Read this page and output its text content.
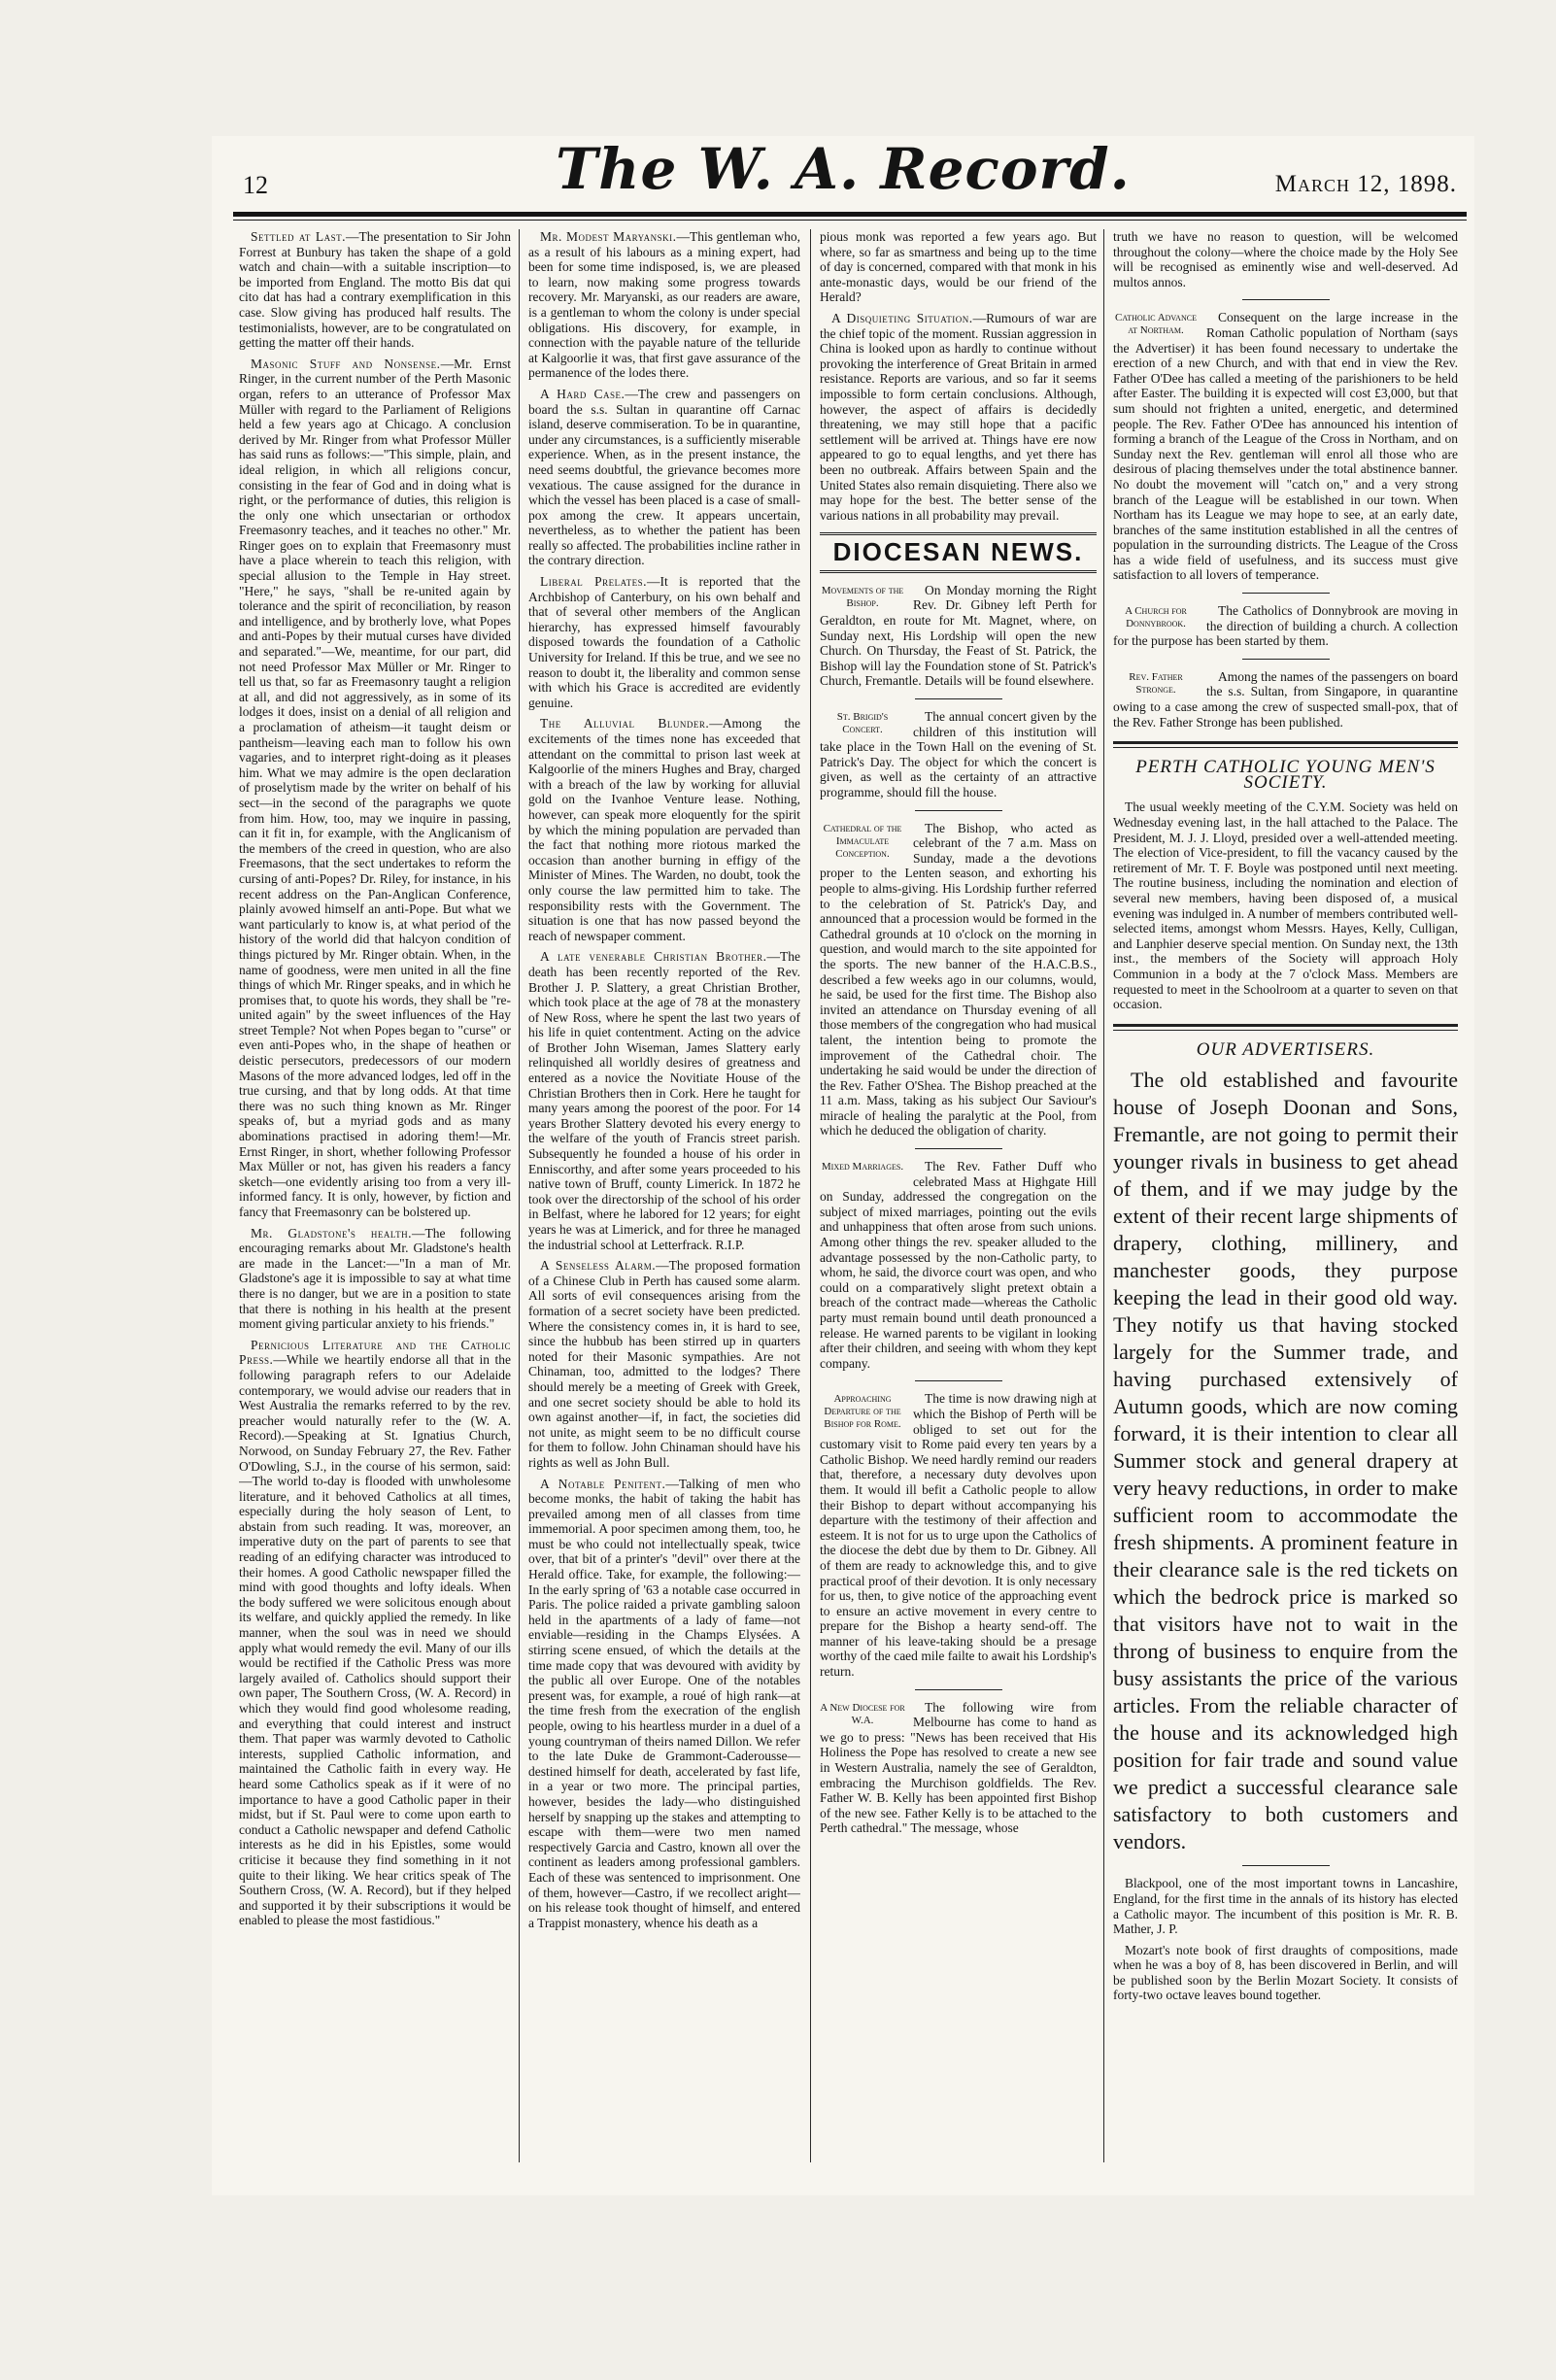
12	The W. A. Record.	March 12, 1898.

Settled at Last.—The presentation to Sir John Forrest at Bunbury has taken the shape of a gold watch and chain—with a suitable inscription—to be imported from England. The motto Bis dat qui cito dat has had a contrary exemplification in this case. Slow giving has produced half results. The testimonialists, however, are to be congratulated on getting the matter off their hands.

Masonic Stuff and Nonsense.—Mr. Ernst Ringer, in the current number of the Perth Masonic organ, refers to an utterance of Professor Max Müller with regard to the Parliament of Religions held a few years ago at Chicago. A conclusion derived by Mr. Ringer from what Professor Müller has said runs as follows:—"This simple, plain, and ideal religion, in which all religions concur, consisting in the fear of God and in doing what is right, or the performance of duties, this religion is the only one which unsectarian or orthodox Freemasonry teaches, and it teaches no other." Mr. Ringer goes on to explain that Freemasonry must have a place wherein to teach this religion, with special allusion to the Temple in Hay street. "Here," he says, "shall be re-united again by tolerance and the spirit of reconciliation, by reason and intelligence, and by brotherly love, what Popes and anti-Popes by their mutual curses have divided and separated."—We, meantime, for our part, did not need Professor Max Müller or Mr. Ringer to tell us that, so far as Freemasonry taught a religion at all, and did not aggressively, as in some of its lodges it does, insist on a denial of all religion and a proclamation of atheism—it taught deism or pantheism—leaving each man to follow his own vagaries, and to interpret right-doing as it pleases him. What we may admire is the open declaration of proselytism made by the writer on behalf of his sect—in the second of the paragraphs we quote from him. How, too, may we inquire in passing, can it fit in, for example, with the Anglicanism of the members of the creed in question, who are also Freemasons, that the sect undertakes to reform the cursing of anti-Popes? Dr. Riley, for instance, in his recent address on the Pan-Anglican Conference, plainly avowed himself an anti-Pope. But what we want particularly to know is, at what period of the history of the world did that halcyon condition of things pictured by Mr. Ringer obtain. When, in the name of goodness, were men united in all the fine things of which Mr. Ringer speaks, and in which he promises that, to quote his words, they shall be "re-united again" by the sweet influences of the Hay street Temple? Not when Popes began to "curse" or even anti-Popes who, in the shape of heathen or deistic persecutors, predecessors of our modern Masons of the more advanced lodges, led off in the true cursing, and that by long odds. At that time there was no such thing known as Mr. Ringer speaks of, but a myriad gods and as many abominations practised in adoring them!—Mr. Ernst Ringer, in short, whether following Professor Max Müller or not, has given his readers a fancy sketch—one evidently arising too from a very ill-informed fancy. It is only, however, by fiction and fancy that Freemasonry can be bolstered up.

Mr. Gladstone's health.—The following encouraging remarks about Mr. Gladstone's health are made in the Lancet:—"In a man of Mr. Gladstone's age it is impossible to say at what time there is no danger, but we are in a position to state that there is nothing in his health at the present moment giving particular anxiety to his friends."

Pernicious Literature and the Catholic Press.—While we heartily endorse all that in the following paragraph refers to our Adelaide contemporary, we would advise our readers that in West Australia the remarks referred to by the rev. preacher would naturally refer to the (W. A. Record).—Speaking at St. Ignatius Church, Norwood, on Sunday February 27, the Rev. Father O'Dowling, S.J., in the course of his sermon, said:—The world to-day is flooded with unwholesome literature, and it behoved Catholics at all times, especially during the holy season of Lent, to abstain from such reading. It was, moreover, an imperative duty on the part of parents to see that reading of an edifying character was introduced to their homes. A good Catholic newspaper filled the mind with good thoughts and lofty ideals. When the body suffered we were solicitous enough about its welfare, and quickly applied the remedy. In like manner, when the soul was in need we should apply what would remedy the evil. Many of our ills would be rectified if the Catholic Press was more largely availed of. Catholics should support their own paper, The Southern Cross, (W. A. Record) in which they would find good wholesome reading, and everything that could interest and instruct them. That paper was warmly devoted to Catholic interests, supplied Catholic information, and maintained the Catholic faith in every way. He heard some Catholics speak as if it were of no importance to have a good Catholic paper in their midst, but if St. Paul were to come upon earth to conduct a Catholic newspaper and defend Catholic interests as he did in his Epistles, some would criticise it because they find something in it not quite to their liking. We hear critics speak of The Southern Cross, (W. A. Record), but if they helped and supported it by their subscriptions it would be enabled to please the most fastidious."

Mr. Modest Maryanski.—This gentleman who, as a result of his labours as a mining expert, had been for some time indisposed, is, we are pleased to learn, now making some progress towards recovery. Mr. Maryanski, as our readers are aware, is a gentleman to whom the colony is under special obligations. His discovery, for example, in connection with the payable nature of the telluride at Kalgoorlie it was, that first gave assurance of the permanence of the lodes there.

A Hard Case.—The crew and passengers on board the s.s. Sultan in quarantine off Carnac island, deserve commiseration. To be in quarantine, under any circumstances, is a sufficiently miserable experience. When, as in the present instance, the need seems doubtful, the grievance becomes more vexatious. The cause assigned for the durance in which the vessel has been placed is a case of small-pox among the crew. It appears uncertain, nevertheless, as to whether the patient has been really so affected. The probabilities incline rather in the contrary direction.

Liberal Prelates.—It is reported that the Archbishop of Canterbury, on his own behalf and that of several other members of the Anglican hierarchy, has expressed himself favourably disposed towards the foundation of a Catholic University for Ireland. If this be true, and we see no reason to doubt it, the liberality and common sense with which his Grace is accredited are evidently genuine.

The Alluvial Blunder.—Among the excitements of the times none has exceeded that attendant on the committal to prison last week at Kalgoorlie of the miners Hughes and Bray, charged with a breach of the law by working for alluvial gold on the Ivanhoe Venture lease. Nothing, however, can speak more eloquently for the spirit by which the mining population are pervaded than the fact that nothing more riotous marked the occasion than another burning in effigy of the Minister of Mines. The Warden, no doubt, took the only course the law permitted him to take. The responsibility rests with the Government. The situation is one that has now passed beyond the reach of newspaper comment.

A late venerable Christian Brother.—The death has been recently reported of the Rev. Brother J. P. Slattery, a great Christian Brother, which took place at the age of 78 at the monastery of New Ross, where he spent the last two years of his life in quiet contentment. Acting on the advice of Brother John Wiseman, James Slattery early relinquished all worldly desires of greatness and entered as a novice the Novitiate House of the Christian Brothers then in Cork. Here he taught for many years among the poorest of the poor. For 14 years Brother Slattery devoted his every energy to the welfare of the youth of Francis street parish. Subsequently he founded a house of his order in Enniscorthy, and after some years proceeded to his native town of Bruff, county Limerick. In 1872 he took over the directorship of the school of his order in Belfast, where he labored for 12 years; for eight years he was at Limerick, and for three he managed the industrial school at Letterfrack. R.I.P.

A Senseless Alarm.—The proposed formation of a Chinese Club in Perth has caused some alarm. All sorts of evil consequences arising from the formation of a secret society have been predicted. Where the consistency comes in, it is hard to see, since the hubbub has been stirred up in quarters noted for their Masonic sympathies. Are not Chinaman, too, admitted to the lodges? There should merely be a meeting of Greek with Greek, and one secret society should be able to hold its own against another—if, in fact, the societies did not unite, as might seem to be no difficult course for them to follow. John Chinaman should have his rights as well as John Bull.

A Notable Penitent.—Talking of men who become monks, the habit of taking the habit has prevailed among men of all classes from time immemorial. A poor specimen among them, too, he must be who could not intellectually speak, twice over, that bit of a printer's "devil" over there at the Herald office. Take, for example, the following:—In the early spring of '63 a notable case occurred in Paris. The police raided a private gambling saloon held in the apartments of a lady of fame—not enviable—residing in the Champs Elysées. A stirring scene ensued, of which the details at the time made copy that was devoured with avidity by the public all over Europe. One of the notables present was, for example, a roué of high rank—at the time fresh from the execration of the english people, owing to his heartless murder in a duel of a young countryman of theirs named Dillon. We refer to the late Duke de Grammont-Caderousse—destined himself for death, accelerated by fast life, in a year or two more. The principal parties, however, besides the lady—who distinguished herself by snapping up the stakes and attempting to escape with them—were two men named respectively Garcia and Castro, known all over the continent as leaders among professional gamblers. Each of these was sentenced to imprisonment. One of them, however—Castro, if we recollect aright—on his release took thought of himself, and entered a Trappist monastery, whence his death as a

pious monk was reported a few years ago. But where, so far as smartness and being up to the time of day is concerned, compared with that monk in his ante-monastic days, would be our friend of the Herald?

A Disquieting Situation.—Rumours of war are the chief topic of the moment. Russian aggression in China is looked upon as hardly to continue without provoking the interference of Great Britain in armed resistance. Reports are various, and so far it seems impossible to form certain conclusions. Although, however, the aspect of affairs is decidedly threatening, we may still hope that a pacific settlement will be arrived at. Things have ere now appeared to go to equal lengths, and yet there has been no outbreak. Affairs between Spain and the United States also remain disquieting. There also we may hope for the best. The better sense of the various nations in all probability may prevail.

DIOCESAN NEWS.

Movements of the Bishop.
On Monday morning the Right Rev. Dr. Gibney left Perth for Geraldton, en route for Mt. Magnet, where, on Sunday next, His Lordship will open the new Church. On Thursday, the Feast of St. Patrick, the Bishop will lay the Foundation stone of St. Patrick's Church, Fremantle. Details will be found elsewhere.

St. Brigid's Concert.
The annual concert given by the children of this institution will take place in the Town Hall on the evening of St. Patrick's Day. The object for which the concert is given, as well as the certainty of an attractive programme, should fill the house.

Cathedral of the Immaculate Conception.
The Bishop, who acted as celebrant of the 7 a.m. Mass on Sunday, made a the devotions proper to the Lenten season, and exhorting his people to alms-giving. His Lordship further referred to the celebration of St. Patrick's Day, and announced that a procession would be formed in the Cathedral grounds at 10 o'clock on the morning in question, and would march to the site appointed for the sports. The new banner of the H.A.C.B.S., described a few weeks ago in our columns, would, he said, be used for the first time. The Bishop also invited an attendance on Thursday evening of all those members of the congregation who had musical talent, the intention being to promote the improvement of the Cathedral choir. The undertaking he said would be under the direction of the Rev. Father O'Shea. The Bishop preached at the 11 a.m. Mass, taking as his subject Our Saviour's miracle of healing the paralytic at the Pool, from which he deduced the obligation of charity.

Mixed Marriages. The Rev. Father Duff who celebrated Mass at Highgate Hill on Sunday, addressed the congregation on the subject of mixed marriages, pointing out the evils and unhappiness that often arose from such unions. Among other things the rev. speaker alluded to the advantage possessed by the non-Catholic party, to whom, he said, the divorce court was open, and who could on a comparatively slight pretext obtain a breach of the contract made—whereas the Catholic party must remain bound until death pronounced a release. He warned parents to be vigilant in looking after their children, and seeing with whom they kept company.

Approaching Departure of the Bishop for Rome.
The time is now drawing nigh at which the Bishop of Perth will be obliged to set out for the customary visit to Rome paid every ten years by a Catholic Bishop. We need hardly remind our readers that, therefore, a necessary duty devolves upon them. It would ill befit a Catholic people to allow their Bishop to depart without accompanying his departure with the testimony of their affection and esteem. It is not for us to urge upon the Catholics of the diocese the debt due by them to Dr. Gibney. All of them are ready to acknowledge this, and to give practical proof of their devotion. It is only necessary for us, then, to give notice of the approaching event to ensure an active movement in every centre to prepare for the Bishop a hearty send-off. The manner of his leave-taking should be a presage worthy of the caed mile failte to await his Lordship's return.

A New Diocese for W.A.
The following wire from Melbourne has come to hand as we go to press: "News has been received that His Holiness the Pope has resolved to create a new see in Western Australia, namely the see of Geraldton, embracing the Murchison goldfields. The Rev. Father W. B. Kelly has been appointed first Bishop of the new see. Father Kelly is to be attached to the Perth cathedral." The message, whose

truth we have no reason to question, will be welcomed throughout the colony—where the choice made by the Holy See will be recognised as eminently wise and well-deserved. Ad multos annos.

Catholic Advance at Northam.
Consequent on the large increase in the Roman Catholic population of Northam (says the Advertiser) it has been found necessary to undertake the erection of a new Church, and with that end in view the Rev. Father O'Dee has called a meeting of the parishioners to be held after Easter. The building it is expected will cost £3,000, but that sum should not frighten a united, energetic, and determined people. The Rev. Father O'Dee has announced his intention of forming a branch of the League of the Cross in Northam, and on Sunday next the Rev. gentleman will enrol all those who are desirous of placing themselves under the total abstinence banner. No doubt the movement will "catch on," and a very strong branch of the League will be established in our town. When Northam has its League we may hope to see, at an early date, branches of the same institution established in all the centres of population in the surrounding districts. The League of the Cross has a wide field of usefulness, and its success must give satisfaction to all lovers of temperance.

A Church for Donnybrook.
The Catholics of Donnybrook are moving in the direction of building a church. A collection for the purpose has been started by them.

Rev. Father Stronge.
Among the names of the passengers on board the s.s. Sultan, from Singapore, in quarantine owing to a case among the crew of suspected small-pox, that of the Rev. Father Stronge has been published.

PERTH CATHOLIC YOUNG MEN'S SOCIETY.

The usual weekly meeting of the C.Y.M. Society was held on Wednesday evening last, in the hall attached to the Palace. The President, M. J. J. Lloyd, presided over a well-attended meeting. The election of Vice-president, to fill the vacancy caused by the retirement of Mr. T. F. Boyle was postponed until next meeting. The routine business, including the nomination and election of several new members, having been disposed of, a musical evening was indulged in. A number of members contributed well-selected items, amongst whom Messrs. Hayes, Kelly, Culligan, and Lanphier deserve special mention. On Sunday next, the 13th inst., the members of the Society will approach Holy Communion in a body at the 7 o'clock Mass. Members are requested to meet in the Schoolroom at a quarter to seven on that occasion.

OUR ADVERTISERS.

The old established and favourite house of Joseph Doonan and Sons, Fremantle, are not going to permit their younger rivals in business to get ahead of them, and if we may judge by the extent of their recent large shipments of drapery, clothing, millinery, and manchester goods, they purpose keeping the lead in their good old way. They notify us that having stocked largely for the Summer trade, and having purchased extensively of Autumn goods, which are now coming forward, it is their intention to clear all Summer stock and general drapery at very heavy reductions, in order to make sufficient room to accommodate the fresh shipments. A prominent feature in their clearance sale is the red tickets on which the bedrock price is marked so that visitors have not to wait in the throng of business to enquire from the busy assistants the price of the various articles. From the reliable character of the house and its acknowledged high position for fair trade and sound value we predict a successful clearance sale satisfactory to both customers and vendors.

Blackpool, one of the most important towns in Lancashire, England, for the first time in the annals of its history has elected a Catholic mayor. The incumbent of this position is Mr. R. B. Mather, J. P.

Mozart's note book of first draughts of compositions, made when he was a boy of 8, has been discovered in Berlin, and will be published soon by the Berlin Mozart Society. It consists of forty-two octave leaves bound together.
